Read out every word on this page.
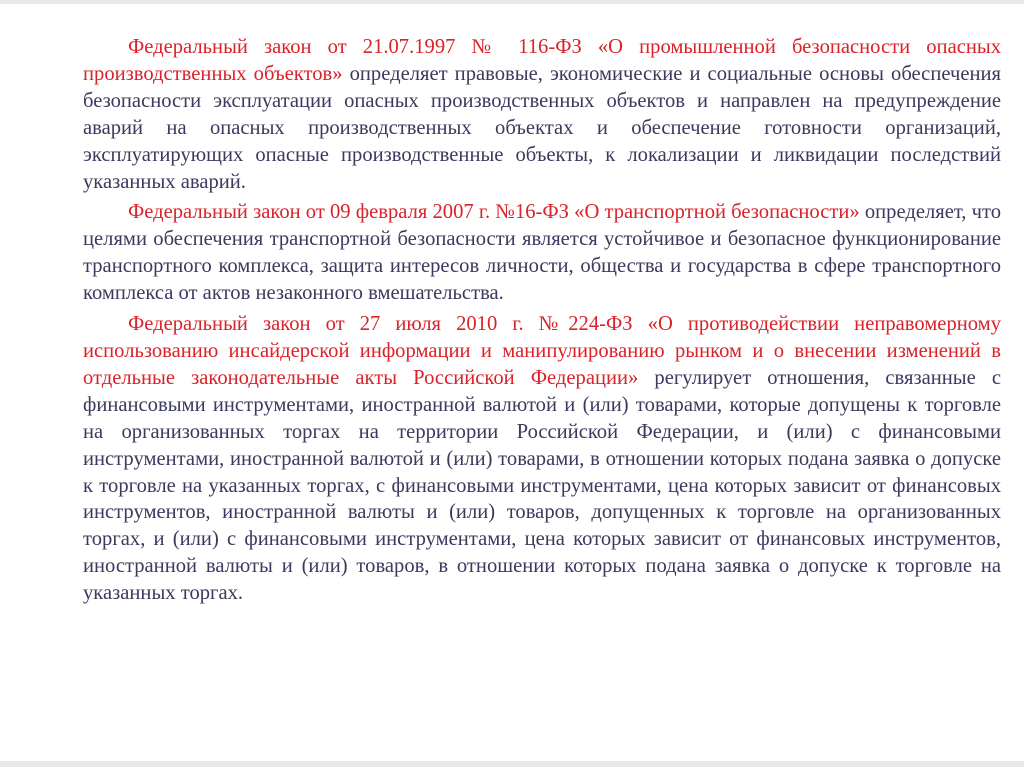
Федеральный закон от 21.07.1997 № 116-ФЗ «О промышленной безопасности опасных производственных объектов» определяет правовые, экономические и социальные основы обеспечения безопасности эксплуатации опасных производственных объектов и направлен на предупреждение аварий на опасных производственных объектах и обеспечение готовности организаций, эксплуатирующих опасные производственные объекты, к локализации и ликвидации последствий указанных аварий.

Федеральный закон от 09 февраля 2007 г. №16-ФЗ «О транспортной безопасности» определяет, что целями обеспечения транспортной безопасности является устойчивое и безопасное функционирование транспортного комплекса, защита интересов личности, общества и государства в сфере транспортного комплекса от актов незаконного вмешательства.

Федеральный закон от 27 июля 2010 г. №224-ФЗ «О противодействии неправомерному использованию инсайдерской информации и манипулированию рынком и о внесении изменений в отдельные законодательные акты Российской Федерации» регулирует отношения, связанные с финансовыми инструментами, иностранной валютой и (или) товарами, которые допущены к торговле на организованных торгах на территории Российской Федерации, и (или) с финансовыми инструментами, иностранной валютой и (или) товарами, в отношении которых подана заявка о допуске к торговле на указанных торгах, с финансовыми инструментами, цена которых зависит от финансовых инструментов, иностранной валюты и (или) товаров, допущенных к торговле на организованных торгах, и (или) с финансовыми инструментами, цена которых зависит от финансовых инструментов, иностранной валюты и (или) товаров, в отношении которых подана заявка о допуске к торговле на указанных торгах.
